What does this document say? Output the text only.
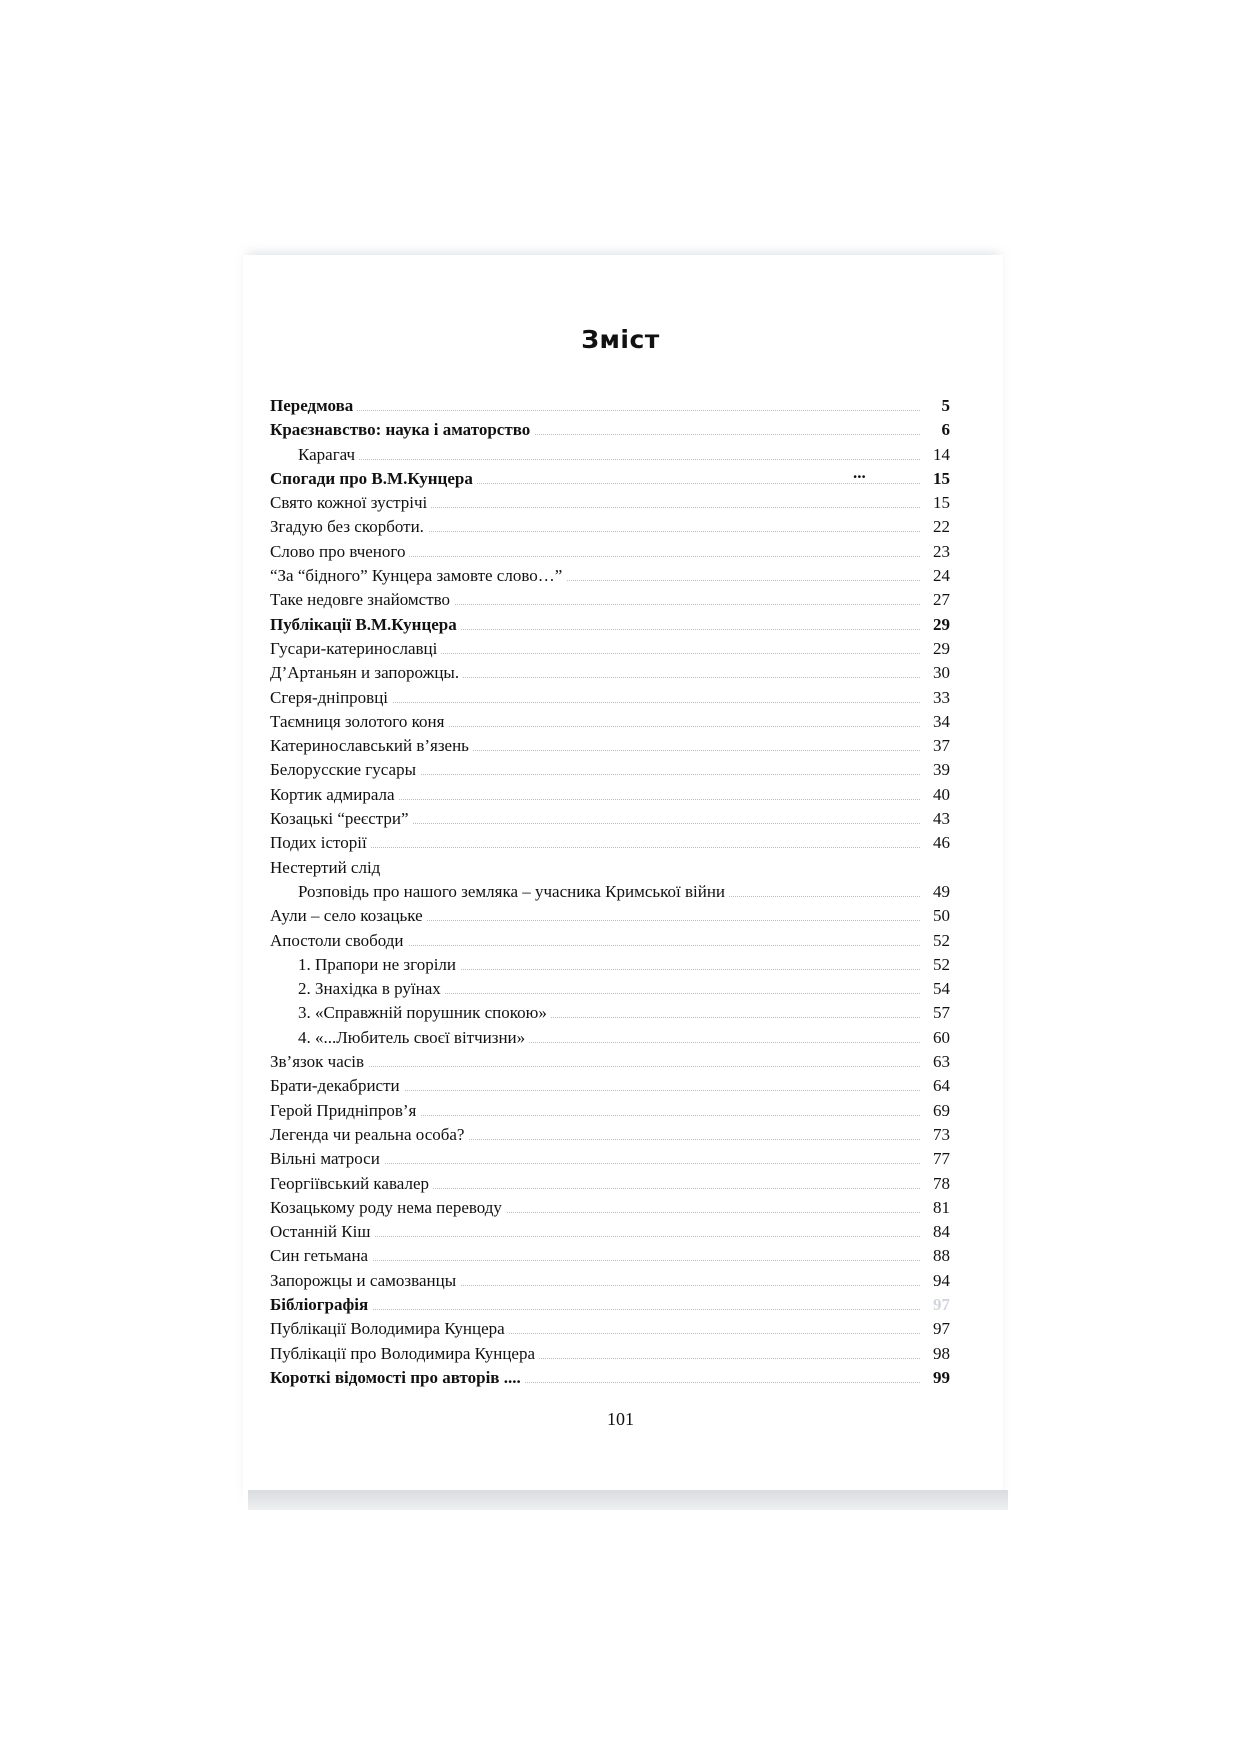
Зміст
Передмова	5
Краєзнавство: наука і аматорство	6
Карагач	14
Спогади про В.М.Кунцера	15
Свято кожної зустрічі	15
Згадую без скорботи.	22
Слово про вченого	23
“За “бідного” Кунцера замовте слово…”	24
Таке недовге знайомство	27
Публікації В.М.Кунцера	29
Гусари-катеринославці	29
Д’Артаньян и запорожцы.	30
Сгеря-дніпровці	33
Таємниця золотого коня	34
Катеринославський в’язень	37
Белорусские гусары	39
Кортик адмирала	40
Козацькі “реєстри”	43
Подих історії	46
Нестертий слід
Розповідь про нашого земляка – учасника Кримської війни	49
Аули – село козацьке	50
Апостоли свободи	52
1. Прапори не згоріли	52
2. Знахідка в руїнах	54
3. «Справжній порушник спокою»	57
4. «...Любитель своєї вітчизни»	60
Зв’язок часів	63
Брати-декабристи	64
Герой Придніпров’я	69
Легенда чи реальна особа?	73
Вільні матроси	77
Георгіївський кавалер	78
Козацькому роду нема переводу	81
Останній Кіш	84
Син гетьмана	88
Запорожцы и самозванцы	94
Бібліографія	97
Публікації Володимира Кунцера	97
Публікації про Володимира Кунцера	98
Короткі відомості про авторів ....	99
...
101
